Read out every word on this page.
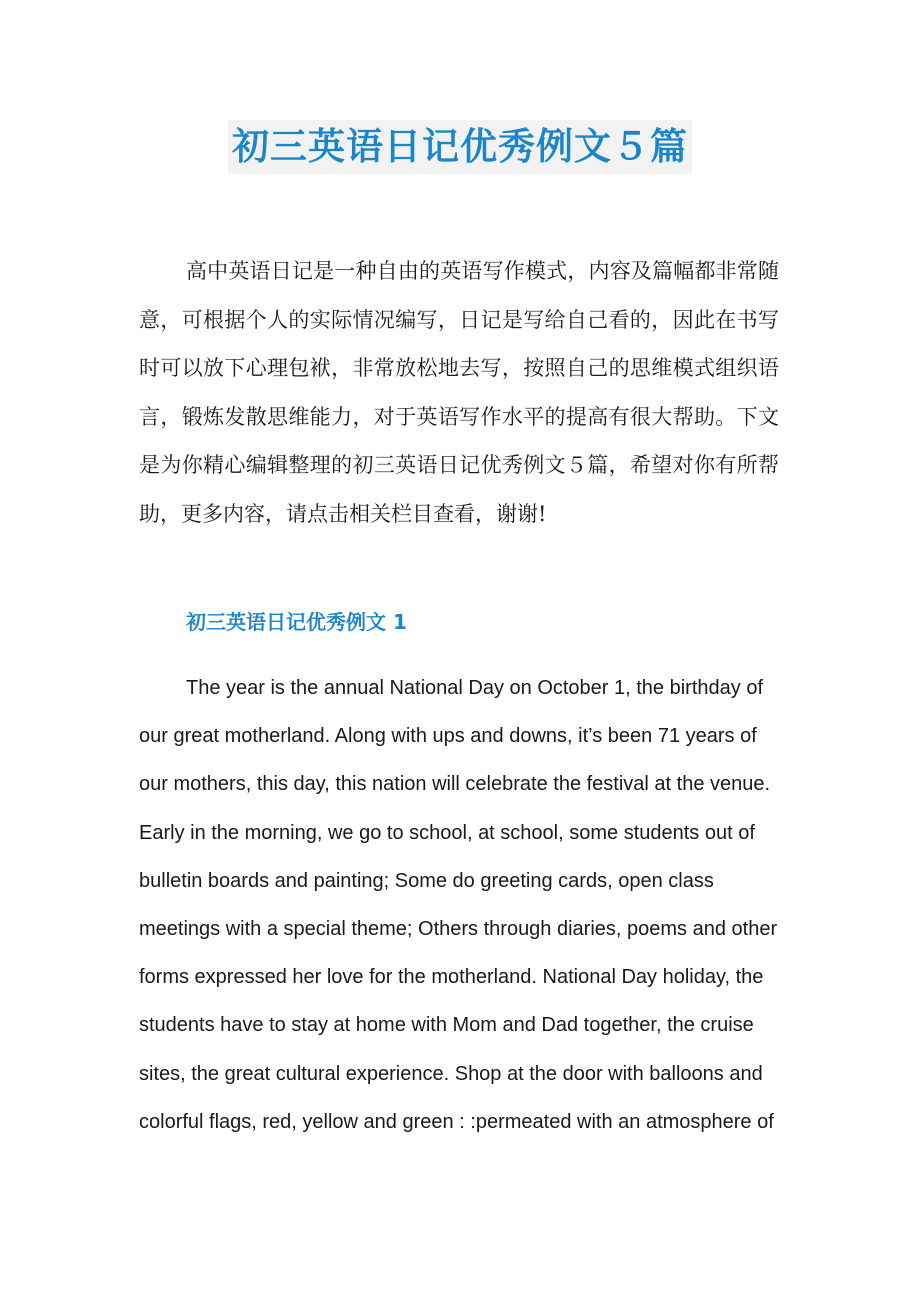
初三英语日记优秀例文５篇

高中英语日记是一种自由的英语写作模式，内容及篇幅都非常随意，可根据个人的实际情况编写，日记是写给自己看的，因此在书写时可以放下心理包袱，非常放松地去写，按照自己的思维模式组织语言，锻炼发散思维能力，对于英语写作水平的提高有很大帮助。下文是为你精心编辑整理的初三英语日记优秀例文５篇，希望对你有所帮助，更多内容，请点击相关栏目查看，谢谢!

初三英语日记优秀例文 1

The year is the annual National Day on October 1, the birthday of our great motherland. Along with ups and downs, it’s been 71 years of our mothers, this day, this nation will celebrate the festival at the venue. Early in the morning, we go to school, at school, some students out of bulletin boards and painting; Some do greeting cards, open class meetings with a special theme; Others through diaries, poems and other forms expressed her love for the motherland. National Day holiday, the students have to stay at home with Mom and Dad together, the cruise sites, the great cultural experience. Shop at the door with balloons and colorful flags, red, yellow and green : :permeated with an atmosphere of
